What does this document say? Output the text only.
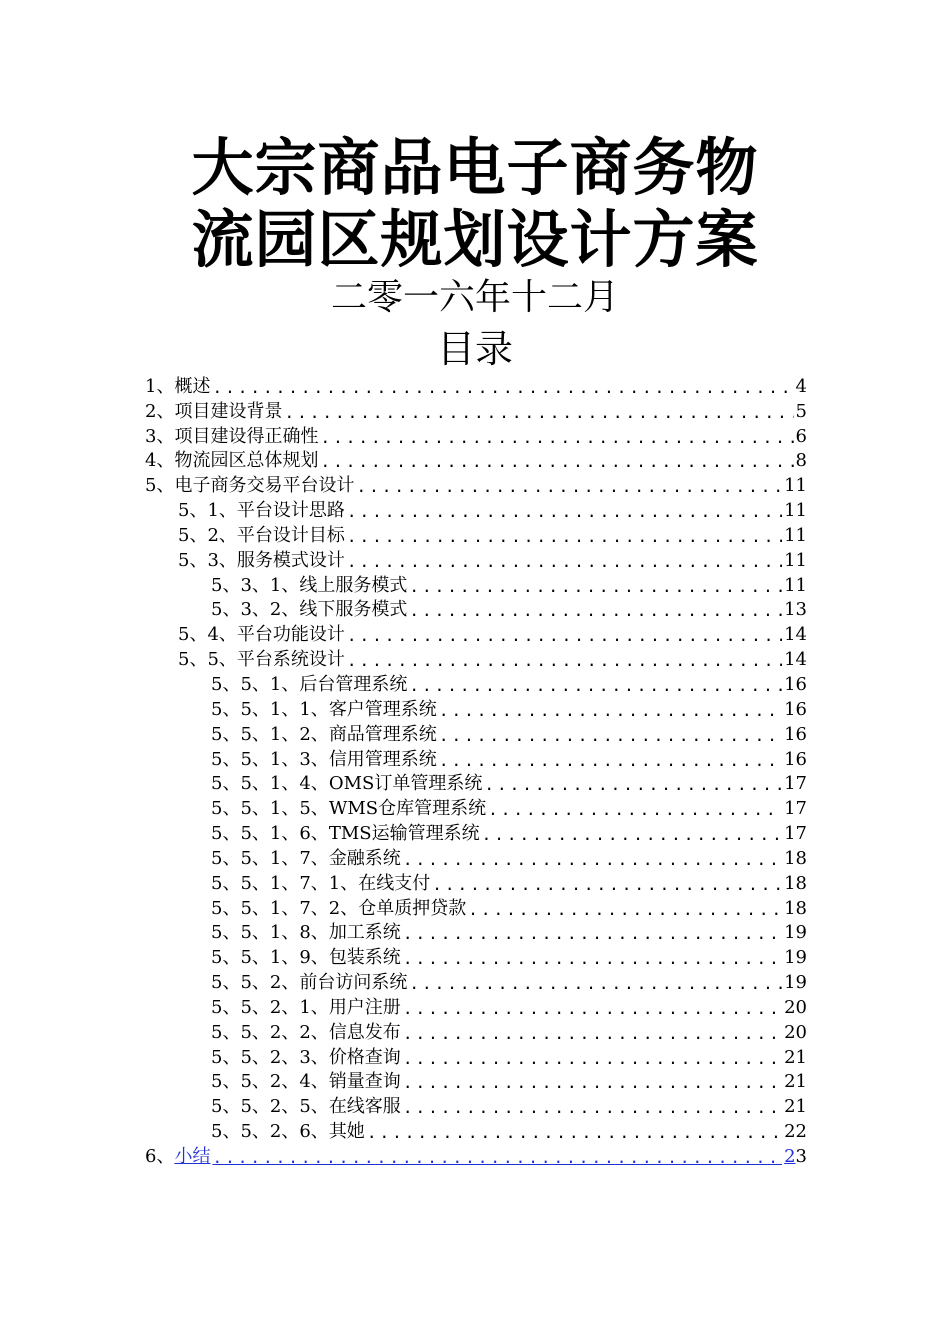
大宗商品电子商务物
流园区规划设计方案
二零一六年十二月
目录
1、 概述 .....	4
2、 项目建设背景 .....	5
3、 项目建设得正确性 .....	6
4、 物流园区总体规划 .....	8
5、 电子商务交易平台设计 .....	11
5、1、 平台设计思路 .....	11
5、2、 平台设计目标 .....	11
5、3、 服务模式设计 .....	11
5、3、1、 线上服务模式 .....	11
5、3、2、 线下服务模式 .....	13
5、4、 平台功能设计 .....	14
5、5、 平台系统设计 .....	14
5、5、1、 后台管理系统 .....	16
5、5、1、1、 客户管理系统 .....	16
5、5、1、2、 商品管理系统 .....	16
5、5、1、3、 信用管理系统 .....	16
5、5、1、4、 OMS订单管理系统 .....	17
5、5、1、5、 WMS仓库管理系统 .....	17
5、5、1、6、 TMS运输管理系统 .....	17
5、5、1、7、 金融系统 .....	18
5、5、1、7、1、 在线支付 .....	18
5、5、1、7、2、 仓单质押贷款 .....	18
5、5、1、8、 加工系统 .....	19
5、5、1、9、 包装系统 .....	19
5、5、2、 前台访问系统 .....	19
5、5、2、1、 用户注册 .....	20
5、5、2、2、 信息发布 .....	20
5、5、2、3、 价格查询 .....	21
5、5、2、4、 销量查询 .....	21
5、5、2、5、 在线客服 .....	21
5、5、2、6、 其她 .....	22
6、 小结 .....	23
